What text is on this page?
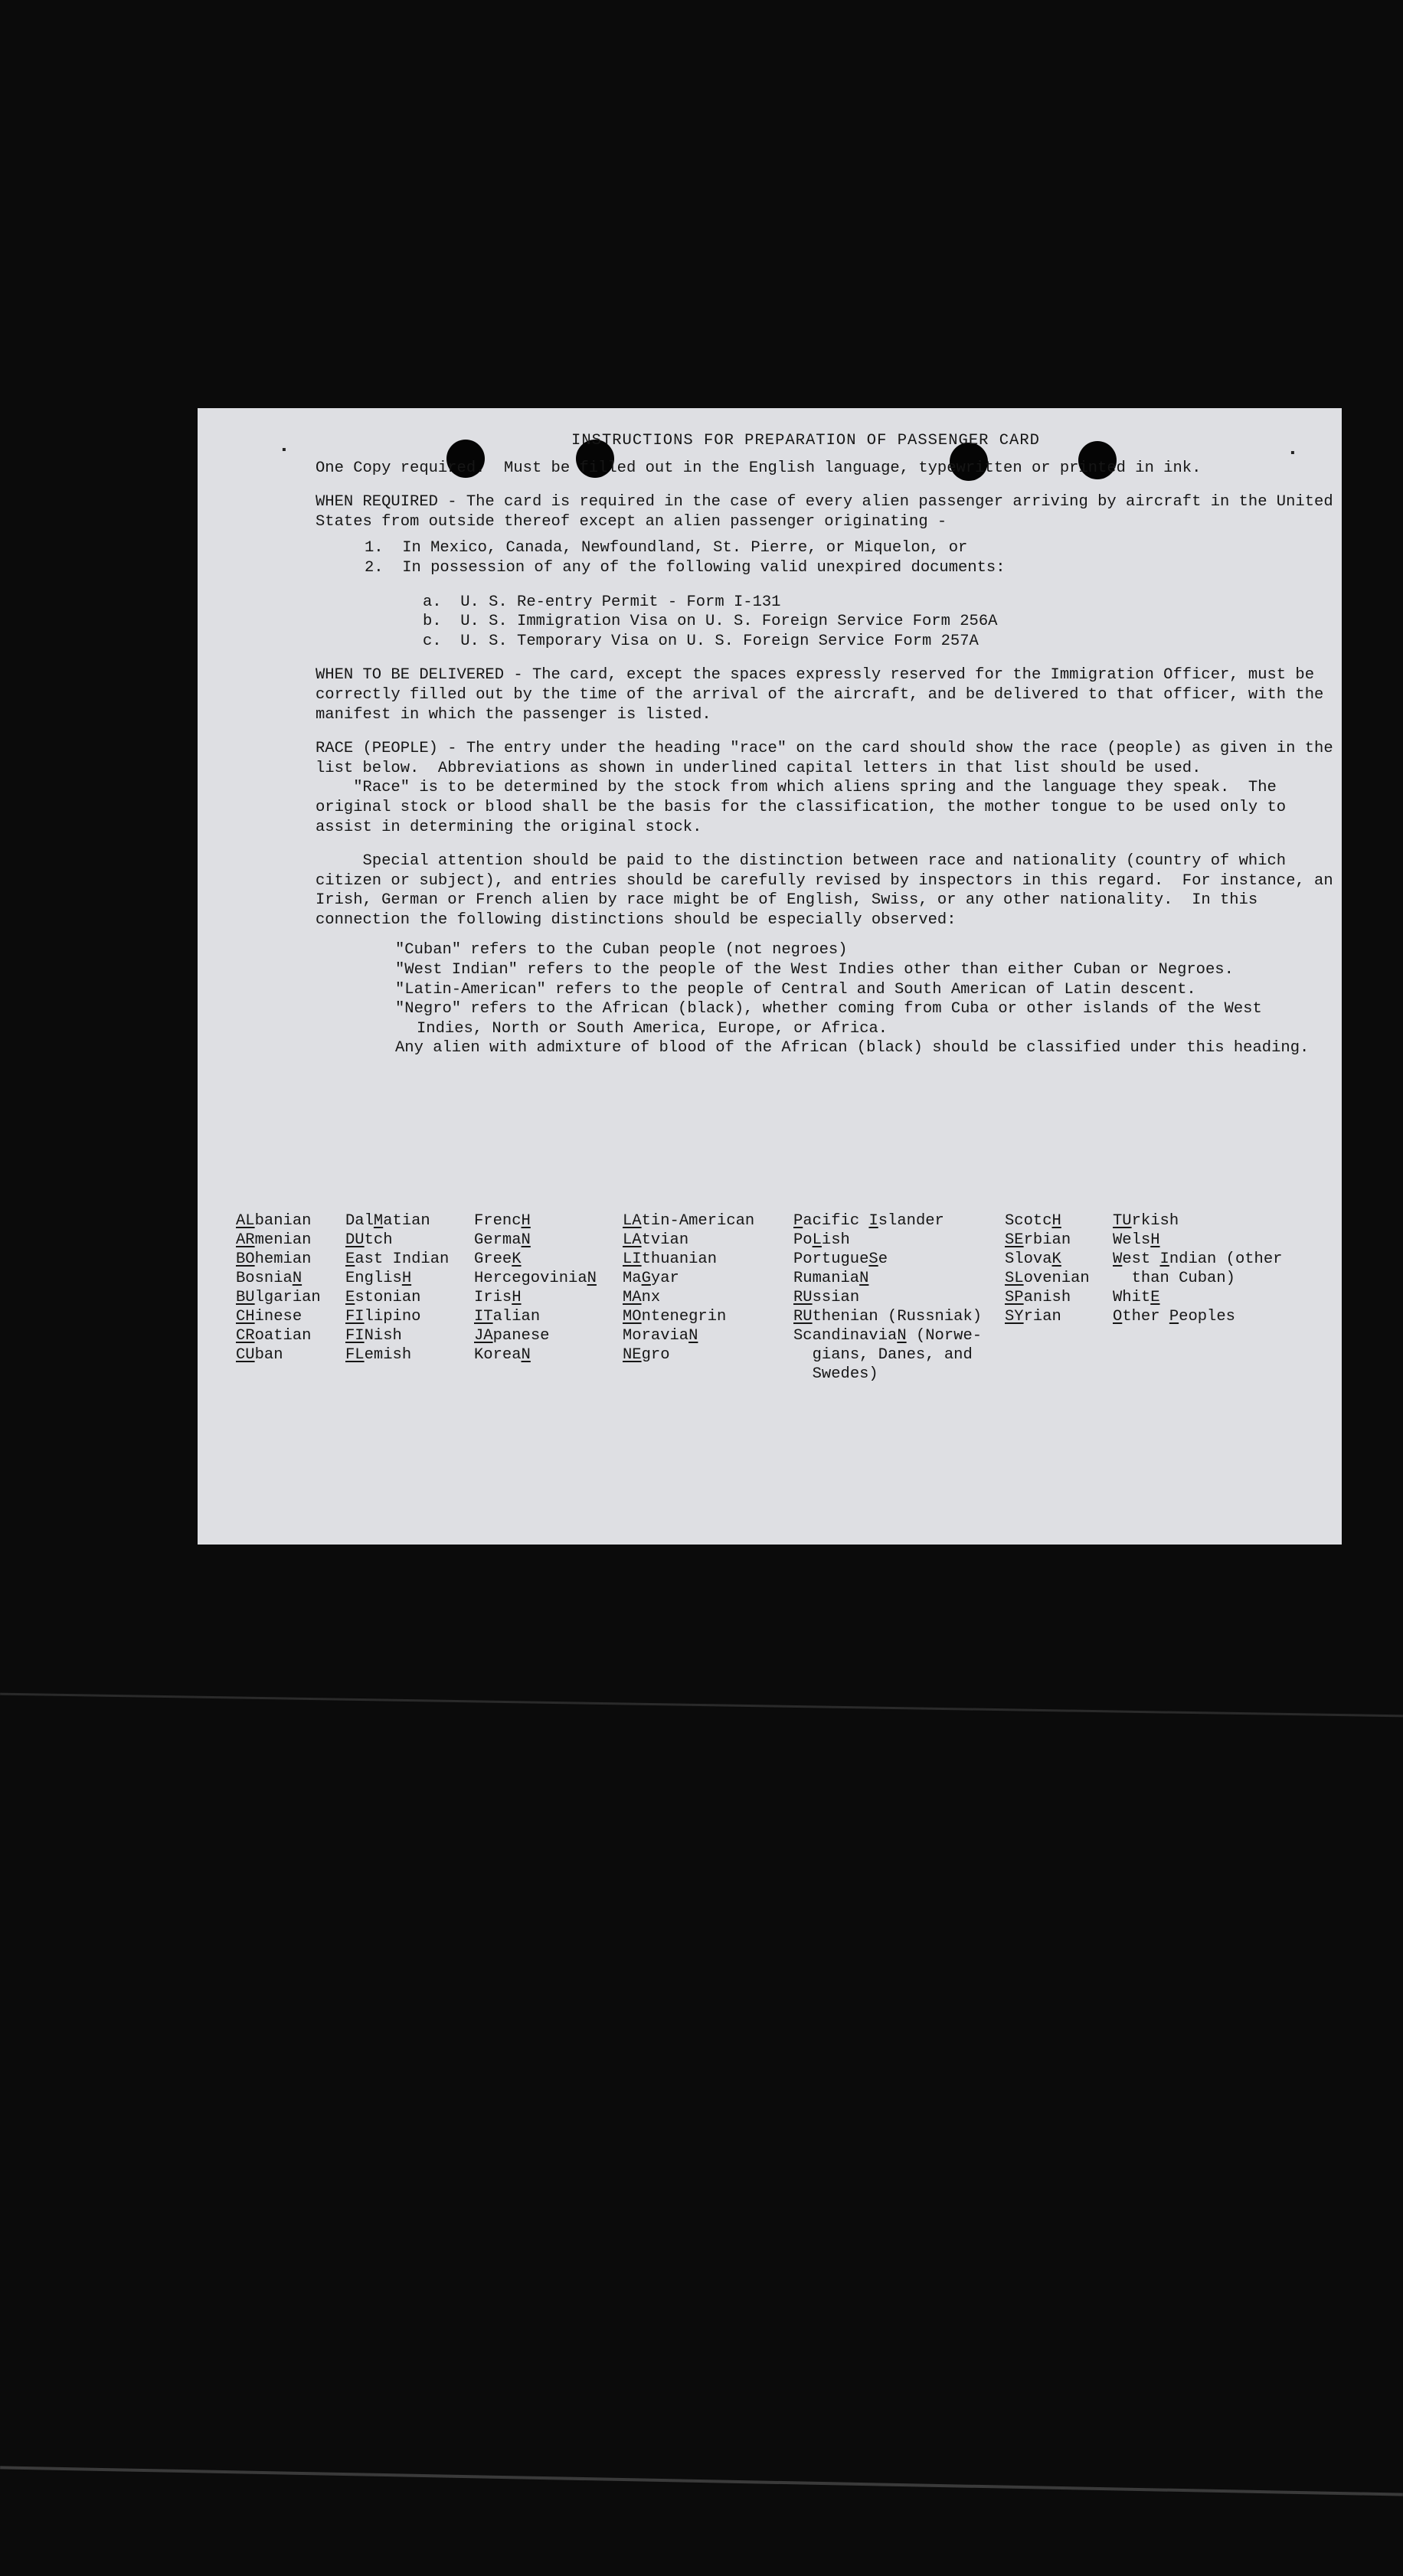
▪	▪

INSTRUCTIONS FOR PREPARATION OF PASSENGER CARD

One Copy required.  Must be filled out in the English language, typewritten or printed in ink.

WHEN REQUIRED - The card is required in the case of every alien passenger arriving by aircraft in the United States from outside thereof except an alien passenger originating -

1.  In Mexico, Canada, Newfoundland, St. Pierre, or Miquelon, or

2.  In possession of any of the following valid unexpired documents:

a.  U. S. Re-entry Permit - Form I-131

b.  U. S. Immigration Visa on U. S. Foreign Service Form 256A

c.  U. S. Temporary Visa on U. S. Foreign Service Form 257A

WHEN TO BE DELIVERED - The card, except the spaces expressly reserved for the Immigration Officer, must be correctly filled out by the time of the arrival of the aircraft, and be delivered to that officer, with the manifest in which the passenger is listed.

RACE (PEOPLE) - The entry under the heading "race" on the card should show the race (people) as given in the list below.  Abbreviations as shown in underlined capital letters in that list should be used.

"Race" is to be determined by the stock from which aliens spring and the language they speak.  The original stock or blood shall be the basis for the classification, the mother tongue to be used only to assist in determining the original stock.

Special attention should be paid to the distinction between race and nationality (country of which citizen or subject), and entries should be carefully revised by inspectors in this regard.  For instance, an Irish, German or French alien by race might be of English, Swiss, or any other nationality.  In this connection the following distinctions should be especially observed:

"Cuban" refers to the Cuban people (not negroes)

"West Indian" refers to the people of the West Indies other than either Cuban or Negroes.

"Latin-American" refers to the people of Central and South American of Latin descent.

"Negro" refers to the African (black), whether coming from Cuba or other islands of the West Indies, North or South America, Europe, or Africa.

Any alien with admixture of blood of the African (black) should be classified under this heading.

ALbanian
ARmenian
BOhemian
BosniaN
BUlgarian
CHinese
CRoatian
CUban
DalMatian
DUtch
East Indian
EnglisH
Estonian
FIlipino
FINish
FLemish
FrencH
GermaN
GreeK
HercegoviniaN
IrisH
ITalian
JApanese
KoreaN
LAtin-American
LAtvian
LIthuanian
MaGyar
MAnx
MOntenegrin
MoraviaN
NEgro
Pacific Islander
PoLish
PortugueSe
RumaniaN
RUssian
RUthenian (Russniak)
ScandinaviaN (Norwe-
gians, Danes, and
Swedes)
ScotcH
SErbian
SlovaK
SLovenian
SPanish
SYrian
TUrkish
WelsH
West Indian (other
than Cuban)
WhitE
Other Peoples
